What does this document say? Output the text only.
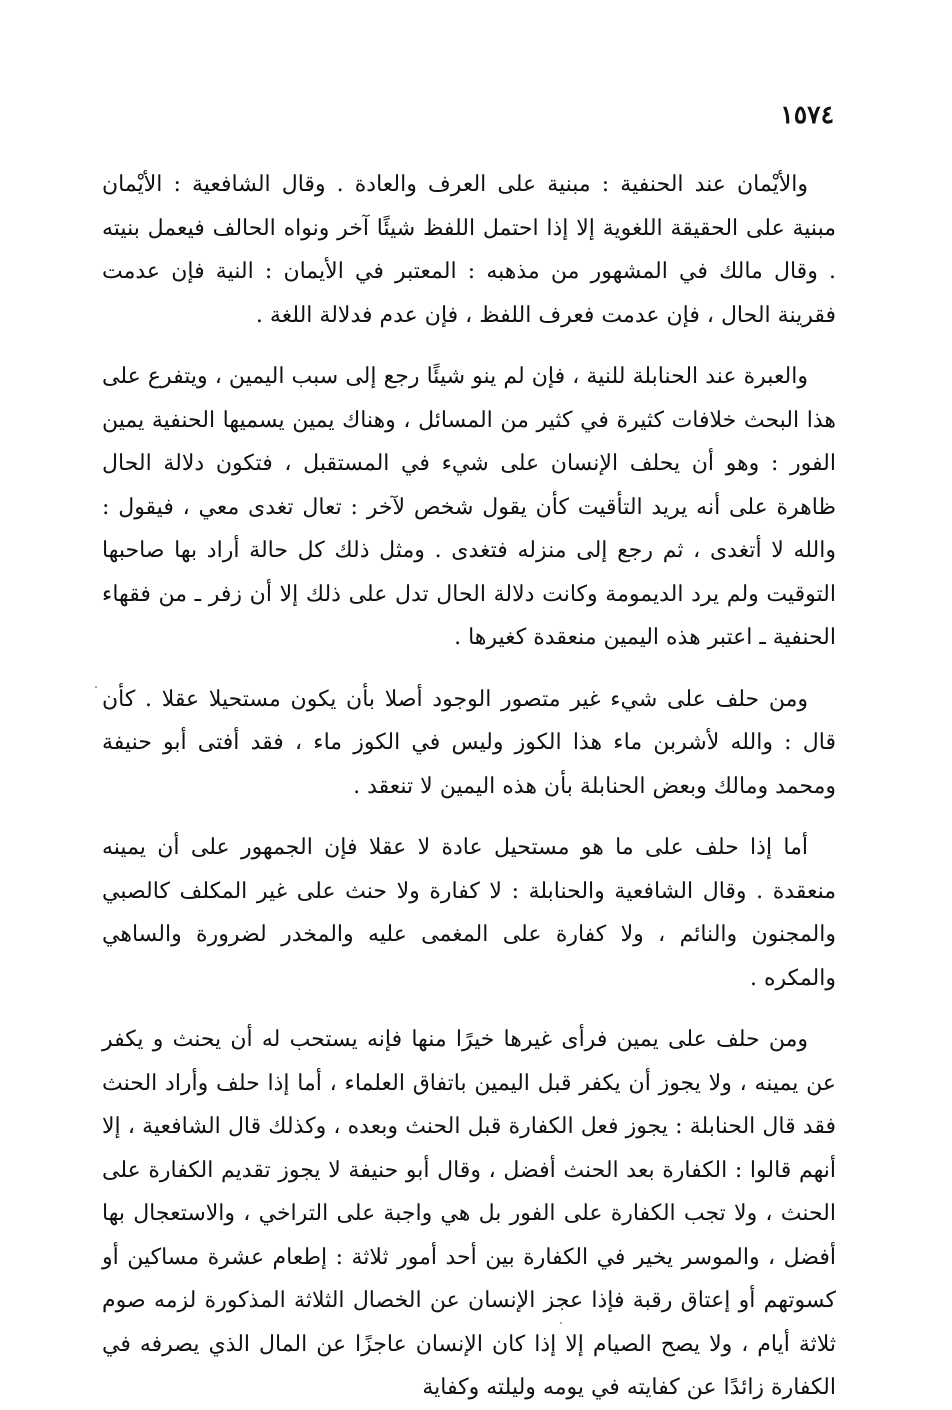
١٥٧٤

والأيْمان عند الحنفية : مبنية على العرف والعادة . وقال الشافعية : الأيْمان مبنية على الحقيقة اللغوية إلا إذا احتمل اللفظ شيئًا آخر ونواه الحالف فيعمل بنيته . وقال مالك في المشهور من مذهبه : المعتبر في الأيمان : النية فإن عدمت فقرينة الحال ، فإن عدمت فعرف اللفظ ، فإن عدم فدلالة اللغة .

والعبرة عند الحنابلة للنية ، فإن لم ينو شيئًا رجع إلى سبب اليمين ، ويتفرع على هذا البحث خلافات كثيرة في كثير من المسائل ، وهناك يمين يسميها الحنفية يمين الفور : وهو أن يحلف الإنسان على شيء في المستقبل ، فتكون دلالة الحال ظاهرة على أنه يريد التأقيت كأن يقول شخص لآخر : تعال تغدى معي ، فيقول : والله لا أتغدى ، ثم رجع إلى منزله فتغدى . ومثل ذلك كل حالة أراد بها صاحبها التوقيت ولم يرد الديمومة وكانت دلالة الحال تدل على ذلك إلا أن زفر ـ من فقهاء الحنفية ـ اعتبر هذه اليمين منعقدة كغيرها .

ومن حلف على شيء غير متصور الوجود أصلا بأن يكون مستحيلا عقلا . كأن قال : والله لأشربن ماء هذا الكوز وليس في الكوز ماء ، فقد أفتى أبو حنيفة ومحمد ومالك وبعض الحنابلة بأن هذه اليمين لا تنعقد .

أما إذا حلف على ما هو مستحيل عادة لا عقلا فإن الجمهور على أن يمينه منعقدة . وقال الشافعية والحنابلة : لا كفارة ولا حنث على غير المكلف كالصبي والمجنون والنائم ، ولا كفارة على المغمى عليه والمخدر لضرورة والساهي والمكره .

ومن حلف على يمين فرأى غيرها خيرًا منها فإنه يستحب له أن يحنث و يكفر عن يمينه ، ولا يجوز أن يكفر قبل اليمين باتفاق العلماء ، أما إذا حلف وأراد الحنث فقد قال الحنابلة : يجوز فعل الكفارة قبل الحنث وبعده ، وكذلك قال الشافعية ، إلا أنهم قالوا : الكفارة بعد الحنث أفضل ، وقال أبو حنيفة لا يجوز تقديم الكفارة على الحنث ، ولا تجب الكفارة على الفور بل هي واجبة على التراخي ، والاستعجال بها أفضل ، والموسر يخير في الكفارة بين أحد أمور ثلاثة : إطعام عشرة مساكين أو كسوتهم أو إعتاق رقبة فإذا عجز الإنسان عن الخصال الثلاثة المذكورة لزمه صوم ثلاثة أيام ، ولا يصح الصيام إلا إذا كان الإنسان عاجزًا عن المال الذي يصرفه في الكفارة زائدًا عن كفايته في يومه وليلته وكفاية
